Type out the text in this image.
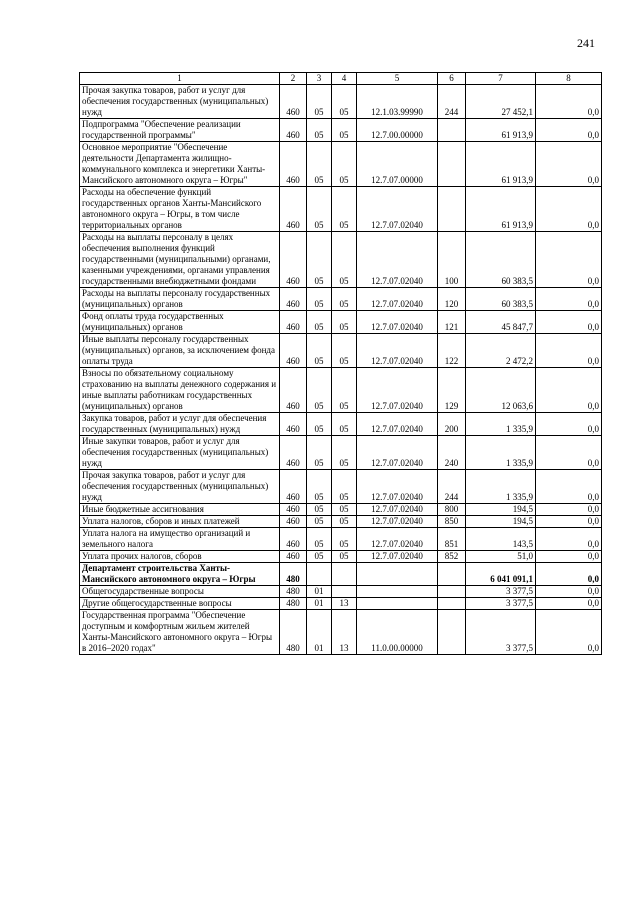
241
1	2	3	4	5	6	7	8
Прочая закупка товаров, работ и услуг для обеспечения государственных (муниципальных) нужд	460	05	05	12.1.03.99990	244	27 452,1	0,0
Подпрограмма "Обеспечение реализации государственной программы"	460	05	05	12.7.00.00000		61 913,9	0,0
Основное мероприятие "Обеспечение деятельности Департамента жилищно-коммунального комплекса и энергетики Ханты-Мансийского автономного округа – Югры"	460	05	05	12.7.07.00000		61 913,9	0,0
Расходы на обеспечение функций государственных органов Ханты-Мансийского автономного округа – Югры, в том числе территориальных органов	460	05	05	12.7.07.02040		61 913,9	0,0
Расходы на выплаты персоналу в целях обеспечения выполнения функций государственными (муниципальными) органами, казенными учреждениями, органами управления государственными внебюджетными фондами	460	05	05	12.7.07.02040	100	60 383,5	0,0
Расходы на выплаты персоналу государственных (муниципальных) органов	460	05	05	12.7.07.02040	120	60 383,5	0,0
Фонд оплаты труда государственных (муниципальных) органов	460	05	05	12.7.07.02040	121	45 847,7	0,0
Иные выплаты персоналу государственных (муниципальных) органов, за исключением фонда оплаты труда	460	05	05	12.7.07.02040	122	2 472,2	0,0
Взносы по обязательному социальному страхованию на выплаты денежного содержания и иные выплаты работникам государственных (муниципальных) органов	460	05	05	12.7.07.02040	129	12 063,6	0,0
Закупка товаров, работ и услуг для обеспечения государственных (муниципальных) нужд	460	05	05	12.7.07.02040	200	1 335,9	0,0
Иные закупки товаров, работ и услуг для обеспечения государственных (муниципальных) нужд	460	05	05	12.7.07.02040	240	1 335,9	0,0
Прочая закупка товаров, работ и услуг для обеспечения государственных (муниципальных) нужд	460	05	05	12.7.07.02040	244	1 335,9	0,0
Иные бюджетные ассигнования	460	05	05	12.7.07.02040	800	194,5	0,0
Уплата налогов, сборов и иных платежей	460	05	05	12.7.07.02040	850	194,5	0,0
Уплата налога на имущество организаций и земельного налога	460	05	05	12.7.07.02040	851	143,5	0,0
Уплата прочих налогов, сборов	460	05	05	12.7.07.02040	852	51,0	0,0
Департамент строительства Ханты-Мансийского автономного округа – Югры	480					6 041 091,1	0,0
Общегосударственные вопросы	480	01				3 377,5	0,0
Другие общегосударственные вопросы	480	01	13			3 377,5	0,0
Государственная программа "Обеспечение доступным и комфортным жильем жителей Ханты-Мансийского автономного округа – Югры в 2016–2020 годах"	480	01	13	11.0.00.00000		3 377,5	0,0
